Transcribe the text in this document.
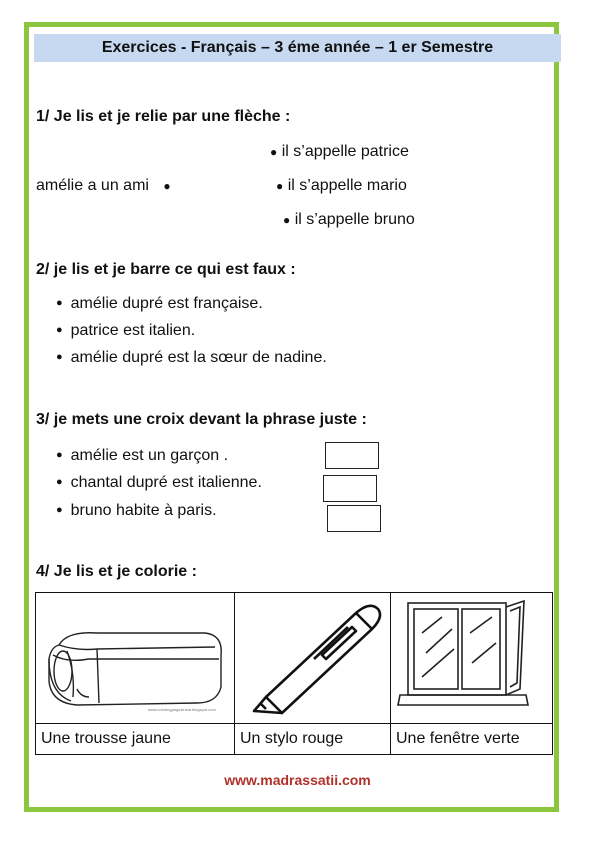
Exercices - Français – 3 éme année – 1 er Semestre
1/ Je lis et je relie par une flèche :
amélie a un ami ●
● il s’appelle patrice
● il s’appelle mario
● il s’appelle bruno
2/ je lis et je barre ce qui est faux :
● amélie dupré est française.
● patrice est italien.
● amélie dupré est la sœur de nadine.
3/ je mets une croix devant la phrase juste :
● amélie est un garçon .
● chantal dupré est italienne.
● bruno habite à paris.
4/ Je lis et je colorie :
www.coloringpagesinsta.blogspot.com

Une trousse jaune	Un stylo rouge	Une fenêtre verte
www.madrassatii.com
